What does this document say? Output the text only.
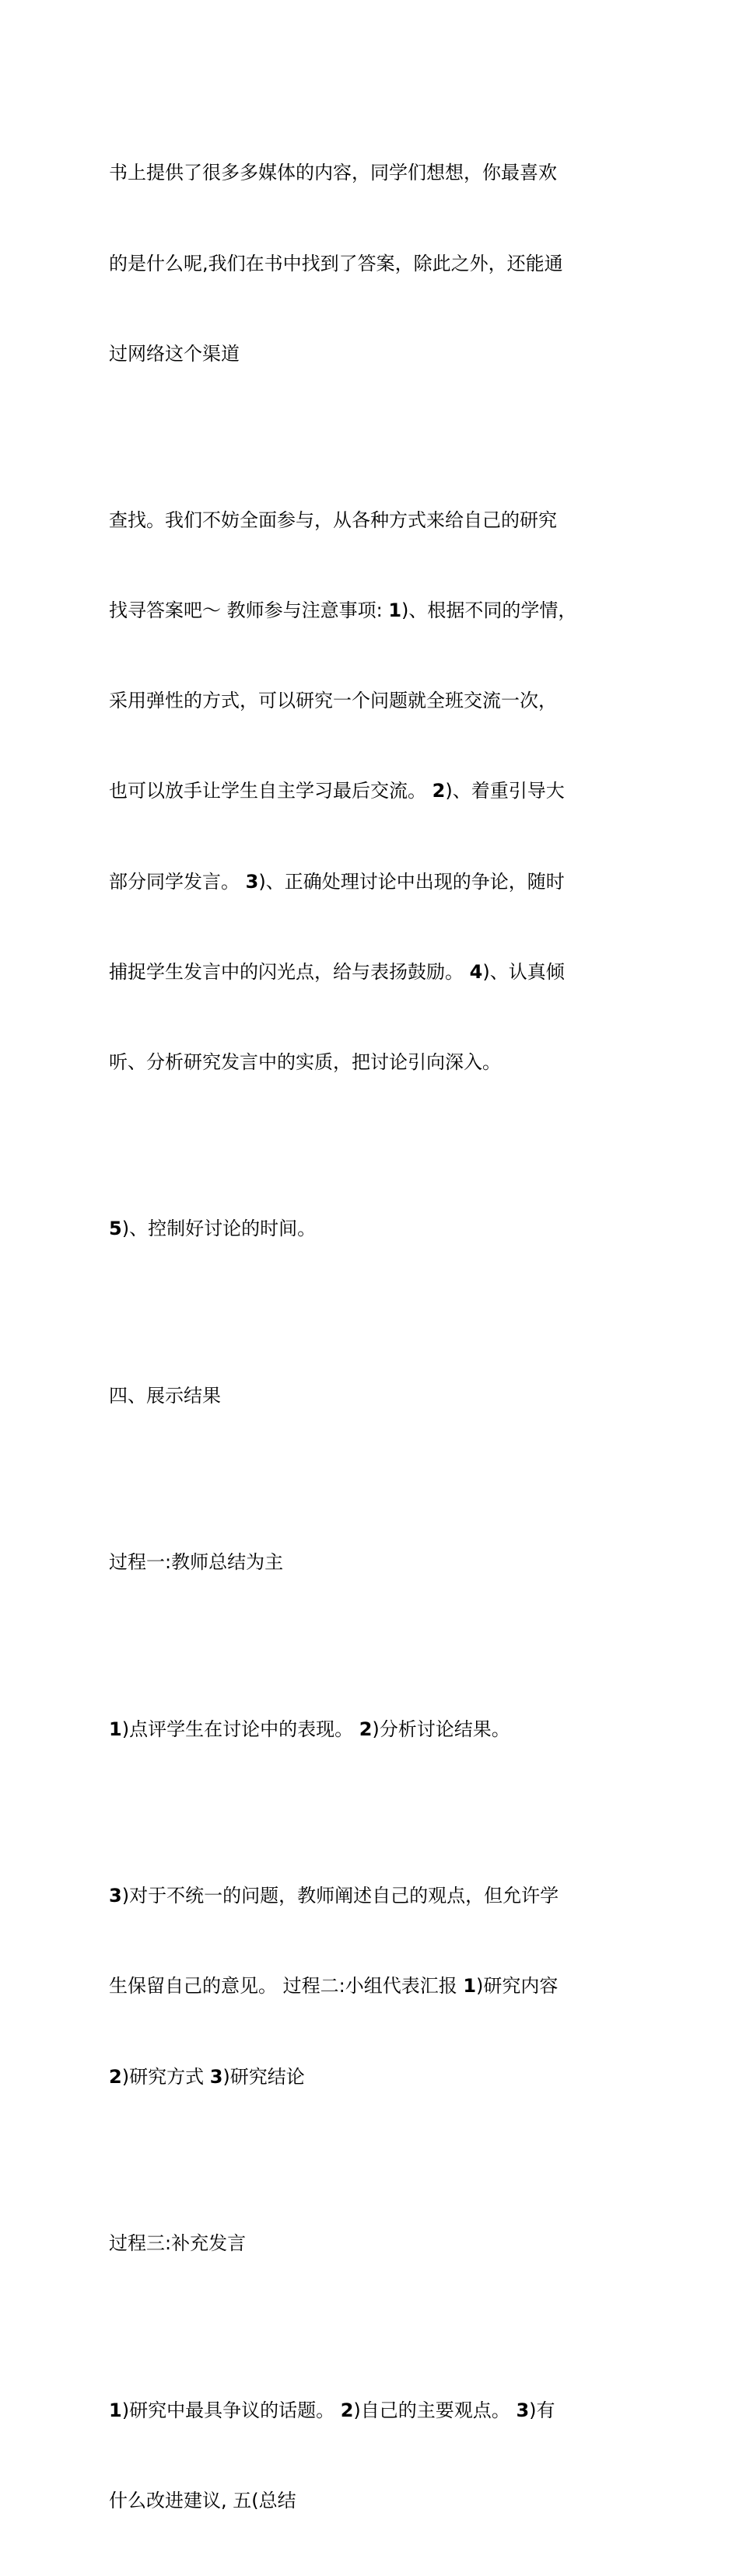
书上提供了很多多媒体的内容，同学们想想，你最喜欢

的是什么呢,我们在书中找到了答案，除此之外，还能通

过网络这个渠道

查找。我们不妨全面参与，从各种方式来给自己的研究

找寻答案吧～ 教师参与注意事项: 1)、根据不同的学情，

采用弹性的方式，可以研究一个问题就全班交流一次，

也可以放手让学生自主学习最后交流。 2)、着重引导大

部分同学发言。 3)、正确处理讨论中出现的争论，随时

捕捉学生发言中的闪光点，给与表扬鼓励。 4)、认真倾

听、分析研究发言中的实质，把讨论引向深入。

5)、控制好讨论的时间。

四、展示结果

过程一:教师总结为主

1)点评学生在讨论中的表现。 2)分析讨论结果。

3)对于不统一的问题，教师阐述自己的观点，但允许学

生保留自己的意见。 过程二:小组代表汇报 1)研究内容

2)研究方式 3)研究结论

过程三:补充发言

1)研究中最具争议的话题。 2)自己的主要观点。 3)有

什么改进建议, 五(总结
